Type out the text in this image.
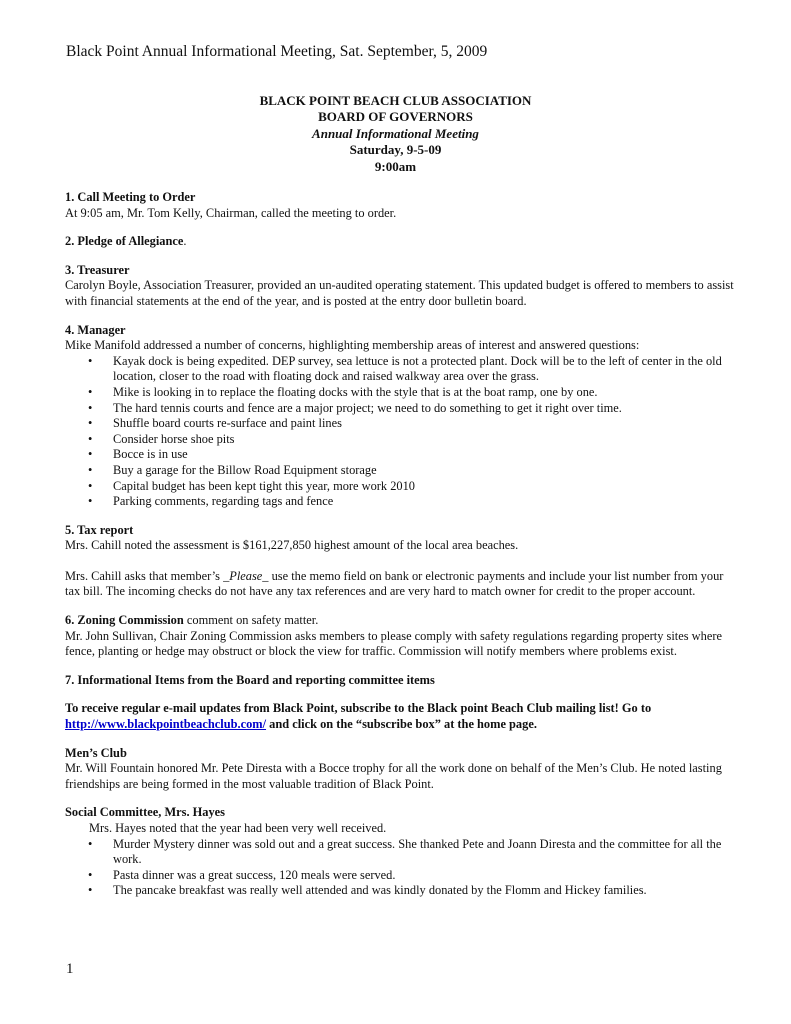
Black Point Annual Informational Meeting, Sat. September, 5, 2009
BLACK POINT BEACH CLUB ASSOCIATION
BOARD OF GOVERNORS
Annual Informational Meeting
Saturday, 9-5-09
9:00am
1. Call Meeting to Order

At 9:05 am, Mr. Tom Kelly, Chairman, called the meeting to order.

2. Pledge of Allegiance.
3. Treasurer

Carolyn Boyle, Association Treasurer, provided an un-audited operating statement. This updated budget is offered to members to assist with financial statements at the end of the year, and is posted at the entry door bulletin board.

4. Manager

Mike Manifold addressed a number of concerns, highlighting membership areas of interest and answered questions:

• Kayak dock is being expedited. DEP survey, sea lettuce is not a protected plant. Dock will be to the left of center in the old location, closer to the road with floating dock and raised walkway area over the grass.
• Mike is looking in to replace the floating docks with the style that is at the boat ramp, one by one.
• The hard tennis courts and fence are a major project; we need to do something to get it right over time.
• Shuffle board courts re-surface and paint lines
• Consider horse shoe pits
• Bocce is in use
• Buy a garage for the Billow Road Equipment storage
• Capital budget has been kept tight this year, more work 2010
• Parking comments, regarding tags and fence
5. Tax report

Mrs. Cahill noted the assessment is $161,227,850 highest amount of the local area beaches.

Mrs. Cahill asks that member’s _Please_ use the memo field on bank or electronic payments and include your list number from your tax bill. The incoming checks do not have any tax references and are very hard to match owner for credit to the proper account.

6. Zoning Commission comment on safety matter.

Mr. John Sullivan, Chair Zoning Commission asks members to please comply with safety regulations regarding property sites where fence, planting or hedge may obstruct or block the view for traffic. Commission will notify members where problems exist.

7. Informational Items from the Board and reporting committee items
To receive regular e-mail updates from Black Point, subscribe to the Black point Beach Club mailing list! Go to http://www.blackpointbeachclub.com/ and click on the “subscribe box” at the home page.
Men’s Club

Mr. Will Fountain honored Mr. Pete Diresta with a Bocce trophy for all the work done on behalf of the Men’s Club. He noted lasting friendships are being formed in the most valuable tradition of Black Point.

Social Committee, Mrs. Hayes

Mrs. Hayes noted that the year had been very well received.

• Murder Mystery dinner was sold out and a great success. She thanked Pete and Joann Diresta and the committee for all the work.
• Pasta dinner was a great success, 120 meals were served.
• The pancake breakfast was really well attended and was kindly donated by the Flomm and Hickey families.
1
